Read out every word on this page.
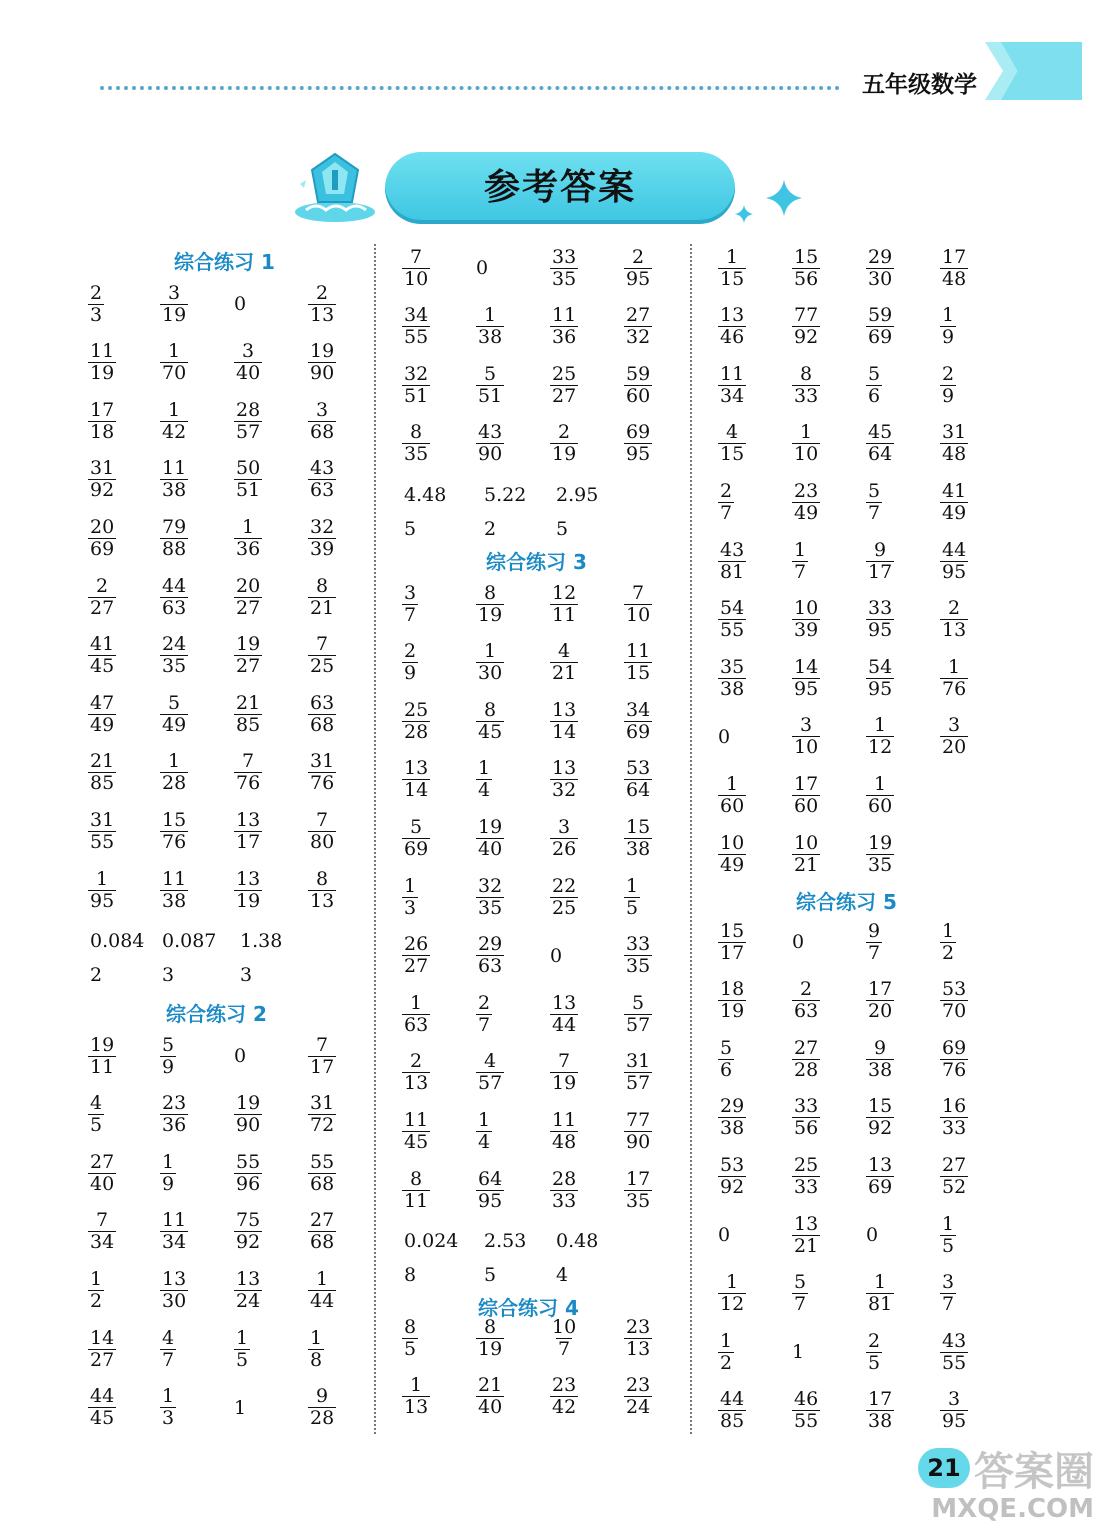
五年级数学
参考答案
综合练习 1
$\frac{2}{3}$	$\frac{3}{19} 0$	$\frac{2}{13}$
$\frac{11}{19} \frac{1}{70} \frac{3}{40} \frac{19}{90}$
$\frac{17}{18} \frac{1}{42} \frac{28}{57} \frac{3}{68}$
$\frac{31}{92} \frac{11}{38} \frac{50}{51} \frac{43}{63}$
$\frac{20}{69} \frac{79}{88} \frac{1}{36} \frac{32}{39}$
$\frac{2}{27} \frac{44}{63} \frac{20}{27} \frac{8}{21}$
$\frac{41}{45} \frac{24}{35} \frac{19}{27} \frac{7}{25}$
$\frac{47}{49} \frac{5}{49} \frac{21}{85} \frac{63}{68}$
$\frac{21}{85} \frac{1}{28} \frac{7}{76} \frac{31}{76}$
$\frac{31}{55} \frac{15}{76} \frac{13}{17} \frac{7}{80}$
$\frac{1}{95} \frac{11}{38} \frac{13}{19} \frac{8}{13}$
0.084 0.087 1.38
2	3	3
综合练习 2
$\frac{19}{11} \frac{5}{9}$	0	$\frac{7}{17}$
$\frac{4}{5}$	$\frac{23}{36} \frac{19}{90} \frac{31}{72}$
$\frac{27}{40} \frac{1}{9}$	$\frac{55}{96} \frac{55}{68}$
$\frac{7}{34} \frac{11}{34} \frac{75}{92} \frac{27}{68}$
$\frac{1}{2}$	$\frac{13}{30} \frac{13}{24} \frac{1}{44}$
$\frac{14}{27} \frac{4}{7}$	$\frac{1}{5}$	$\frac{1}{8}$
$\frac{44}{45} \frac{1}{3}$	1	$\frac{9}{28}$
$\frac{7}{10} 0$	$\frac{33}{35} \frac{2}{95}$
$\frac{34}{55} \frac{1}{38} \frac{11}{36} \frac{27}{32}$
$\frac{32}{51} \frac{5}{51} \frac{25}{27} \frac{59}{60}$
$\frac{8}{35} \frac{43}{90} \frac{2}{19} \frac{69}{95}$
4.48 5.22 2.95
5	2	5
综合练习 3
$\frac{3}{7}$	$\frac{8}{19} \frac{12}{11} \frac{7}{10}$
$\frac{2}{9}$	$\frac{1}{30} \frac{4}{21} \frac{11}{15}$
$\frac{25}{28} \frac{8}{45} \frac{13}{14} \frac{34}{69}$
$\frac{13}{14} \frac{1}{4}$	$\frac{13}{32} \frac{53}{64}$
$\frac{5}{69} \frac{19}{40} \frac{3}{26} \frac{15}{38}$
$\frac{1}{3}$	$\frac{32}{35} \frac{22}{25} \frac{1}{5}$
$\frac{26}{27} \frac{29}{63} 0$	$\frac{33}{35}$
$\frac{1}{63} \frac{2}{7}$	$\frac{13}{44} \frac{5}{57}$
$\frac{2}{13} \frac{4}{57} \frac{7}{19} \frac{31}{57}$
$\frac{11}{45} \frac{1}{4}$	$\frac{11}{48} \frac{77}{90}$
$\frac{8}{11} \frac{64}{95} \frac{28}{33} \frac{17}{35}$
0.024 2.53 0.48
8	5	4
综合练习 4
$\frac{8}{5}$	$\frac{8}{19} \frac{10}{7} \frac{23}{13}$
$\frac{1}{13} \frac{21}{40} \frac{23}{42} \frac{23}{24}$
$\frac{1}{15} \frac{15}{56} \frac{29}{30} \frac{17}{48}$
$\frac{13}{46} \frac{77}{92} \frac{59}{69} \frac{1}{9}$
$\frac{11}{34} \frac{8}{33} \frac{5}{6}$	$\frac{2}{9}$
$\frac{4}{15} \frac{1}{10} \frac{45}{64} \frac{31}{48}$
$\frac{2}{7}$	$\frac{23}{49} \frac{5}{7}$	$\frac{41}{49}$
$\frac{43}{81} \frac{1}{7}$	$\frac{9}{17} \frac{44}{95}$
$\frac{54}{55} \frac{10}{39} \frac{33}{95} \frac{2}{13}$
$\frac{35}{38} \frac{14}{95} \frac{54}{95} \frac{1}{76}$
0	$\frac{3}{10} \frac{1}{12} \frac{3}{20}$
$\frac{1}{60} \frac{17}{60} \frac{1}{60}$
$\frac{10}{49} \frac{10}{21} \frac{19}{35}$
综合练习 5
$\frac{15}{17} 0$	$\frac{9}{7}$	$\frac{1}{2}$
$\frac{18}{19} \frac{2}{63} \frac{17}{20} \frac{53}{70}$
$\frac{5}{6}$	$\frac{27}{28} \frac{9}{38} \frac{69}{76}$
$\frac{29}{38} \frac{33}{56} \frac{15}{92} \frac{16}{33}$
$\frac{53}{92} \frac{25}{33} \frac{13}{69} \frac{27}{52}$
0	$\frac{13}{21} 0$	$\frac{1}{5}$
$\frac{1}{12} \frac{5}{7}$	$\frac{1}{81} \frac{3}{7}$
$\frac{1}{2}$	1	$\frac{2}{5}$	$\frac{43}{55}$
$\frac{44}{85} \frac{46}{55} \frac{17}{38} \frac{3}{95}$
21 答案圈
MXQE.COM
